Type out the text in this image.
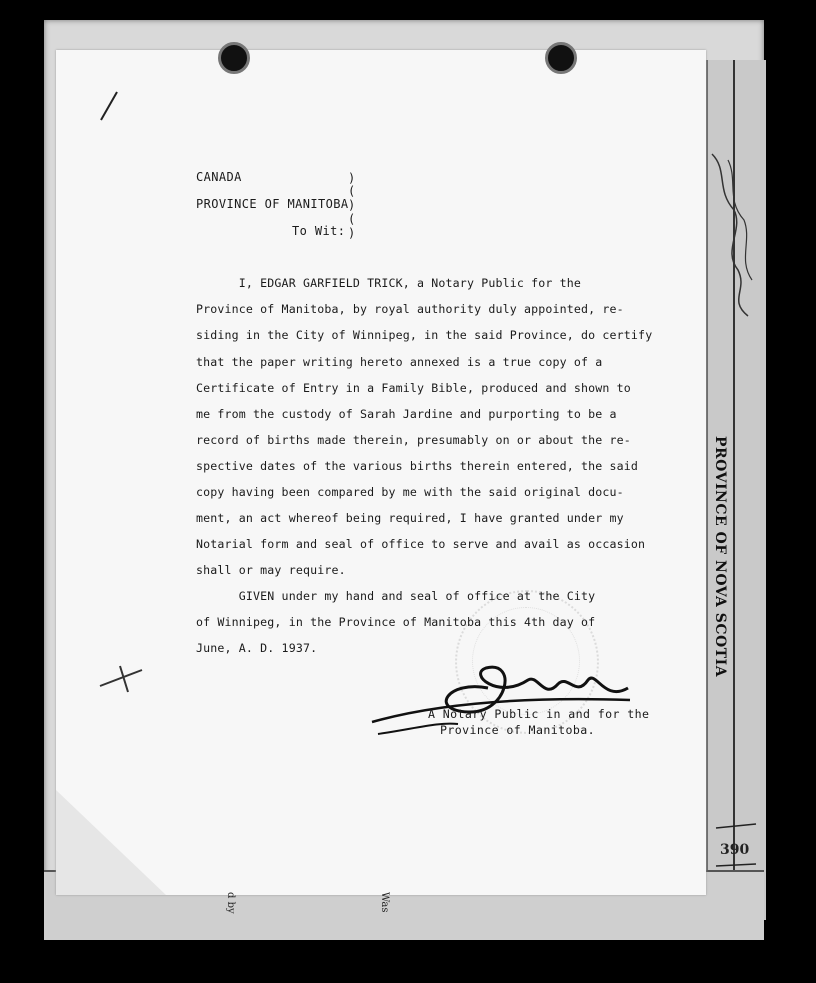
CANADA
PROVINCE OF MANITOBA
To Wit:
)
(
)
(
)
I, EDGAR GARFIELD TRICK, a Notary Public for the
Province of Manitoba, by royal authority duly appointed, re-
siding in the City of Winnipeg, in the said Province, do certify
that the paper writing hereto annexed is a true copy of a
Certificate of Entry in a Family Bible, produced and shown to
me from the custody of Sarah Jardine and purporting to be a
record of births made therein, presumably on or about the re-
spective dates of the various births therein entered, the said
copy having been compared by me with the said original docu-
ment, an act whereof being required, I have granted under my
Notarial form and seal of office to serve and avail as occasion
shall or may require.
GIVEN under my hand and seal of office at the City
of Winnipeg, in the Province of Manitoba this 4th day of
June, A. D. 1937.
A Notary Public in and for the
Province of Manitoba.
PROVINCE OF NOVA SCOTIA
390
d by	Was
